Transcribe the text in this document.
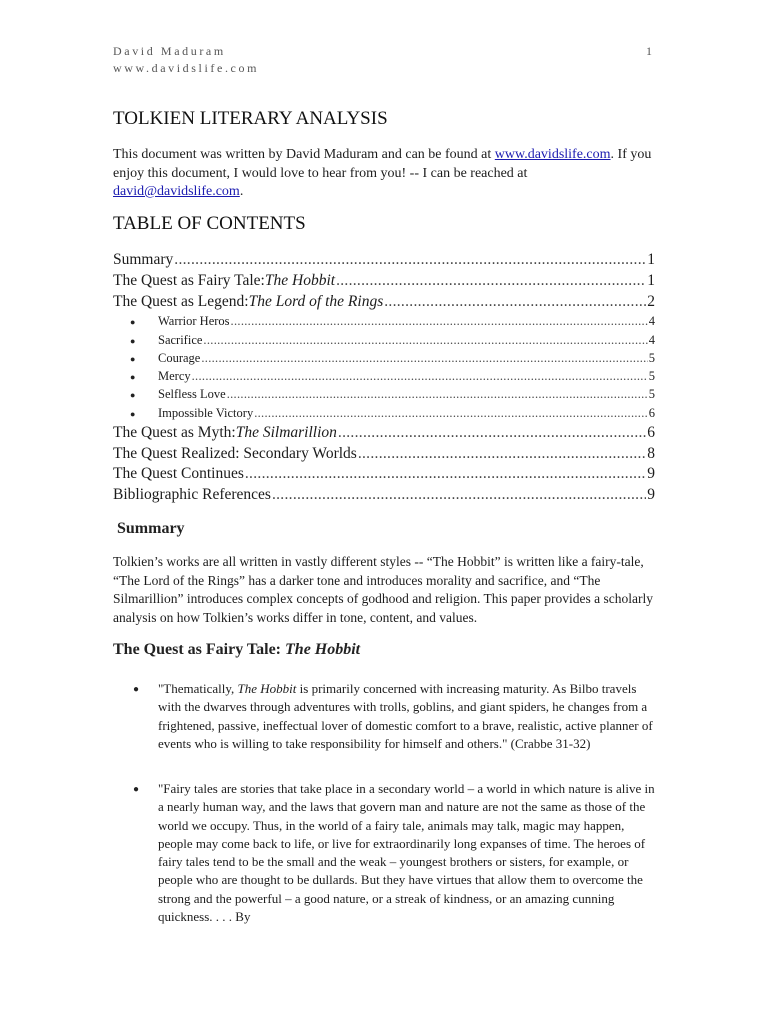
David Maduram
www.davidslife.com
1
TOLKIEN LITERARY ANALYSIS

This document was written by David Maduram and can be found at www.davidslife.com. If you enjoy this document, I would love to hear from you! -- I can be reached at david@davidslife.com.

TABLE OF CONTENTS
Summary .....	1
The Quest as Fairy Tale: The Hobbit .....	1
The Quest as Legend: The Lord of the Rings .....	2
● Warrior Heros .....	4
● Sacrifice .....	4
● Courage .....	5
● Mercy .....	5
● Selfless Love .....	5
● Impossible Victory .....	6
The Quest as Myth: The Silmarillion .....	6
The Quest Realized: Secondary Worlds .....	8
The Quest Continues .....	9
Bibliographic References .....	9
Summary

Tolkien’s works are all written in vastly different styles -- “The Hobbit” is written like a fairy-tale, “The Lord of the Rings” has a darker tone and introduces morality and sacrifice, and “The Silmarillion” introduces complex concepts of godhood and religion. This paper provides a scholarly analysis on how Tolkien’s works differ in tone, content, and values.

The Quest as Fairy Tale: The Hobbit
● "Thematically, The Hobbit is primarily concerned with increasing maturity. As Bilbo travels with the dwarves through adventures with trolls, goblins, and giant spiders, he changes from a frightened, passive, ineffectual lover of domestic comfort to a brave, realistic, active planner of events who is willing to take responsibility for himself and others." (Crabbe 31-32)

● "Fairy tales are stories that take place in a secondary world – a world in which nature is alive in a nearly human way, and the laws that govern man and nature are not the same as those of the world we occupy. Thus, in the world of a fairy tale, animals may talk, magic may happen, people may come back to life, or live for extraordinarily long expanses of time. The heroes of fairy tales tend to be the small and the weak – youngest brothers or sisters, for example, or people who are thought to be dullards. But they have virtues that allow them to overcome the strong and the powerful – a good nature, or a streak of kindness, or an amazing cunning quickness. . . . By
